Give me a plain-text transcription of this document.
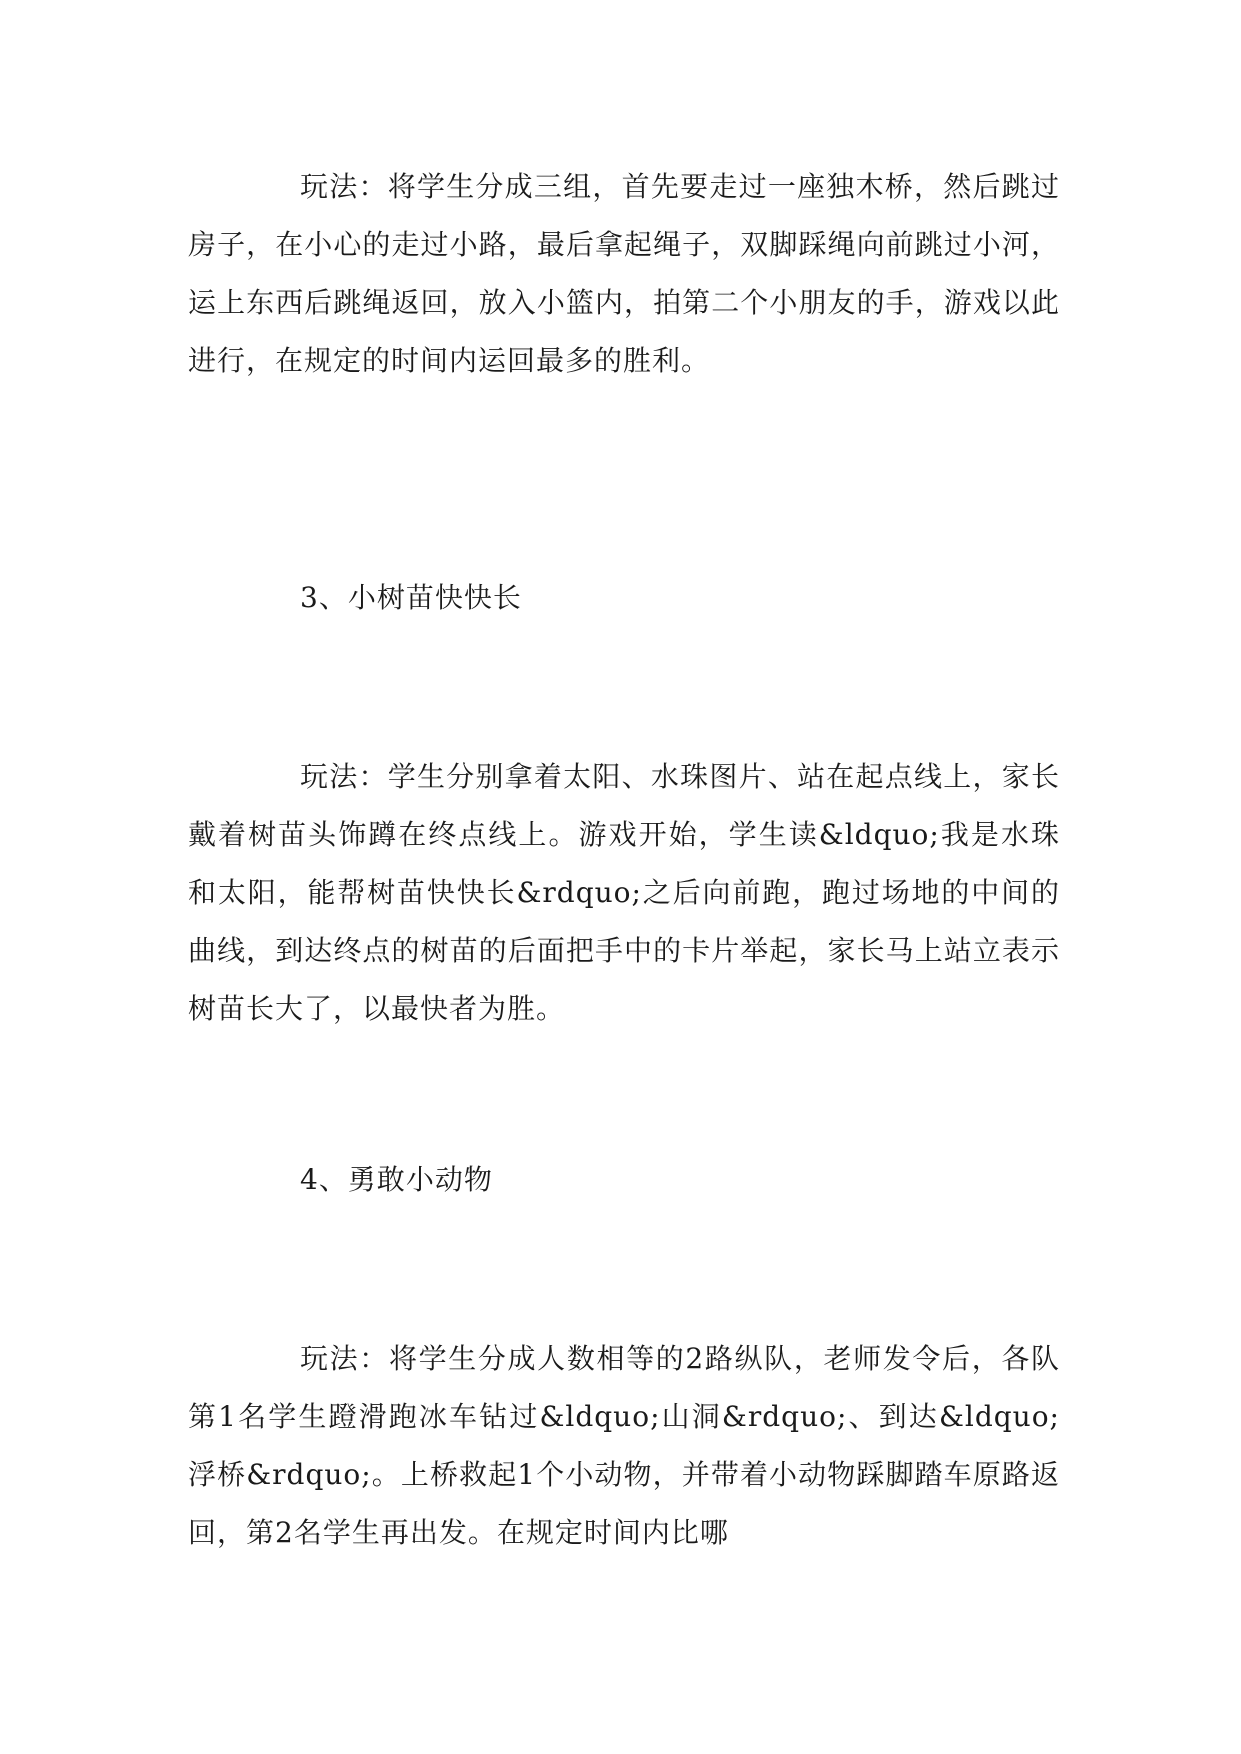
玩法：将学生分成三组，首先要走过一座独木桥，然后跳过房子，在小心的走过小路，最后拿起绳子，双脚踩绳向前跳过小河，运上东西后跳绳返回，放入小篮内，拍第二个小朋友的手，游戏以此进行，在规定的时间内运回最多的胜利。

3、小树苗快快长

玩法：学生分别拿着太阳、水珠图片、站在起点线上，家长戴着树苗头饰蹲在终点线上。游戏开始，学生读&ldquo;我是水珠和太阳，能帮树苗快快长&rdquo;之后向前跑，跑过场地的中间的曲线，到达终点的树苗的后面把手中的卡片举起，家长马上站立表示树苗长大了，以最快者为胜。

4、勇敢小动物

玩法：将学生分成人数相等的2路纵队，老师发令后，各队第1名学生蹬滑跑冰车钻过&ldquo;山洞&rdquo;、到达&ldquo;浮桥&rdquo;。上桥救起1个小动物，并带着小动物踩脚踏车原路返回，第2名学生再出发。在规定时间内比哪
